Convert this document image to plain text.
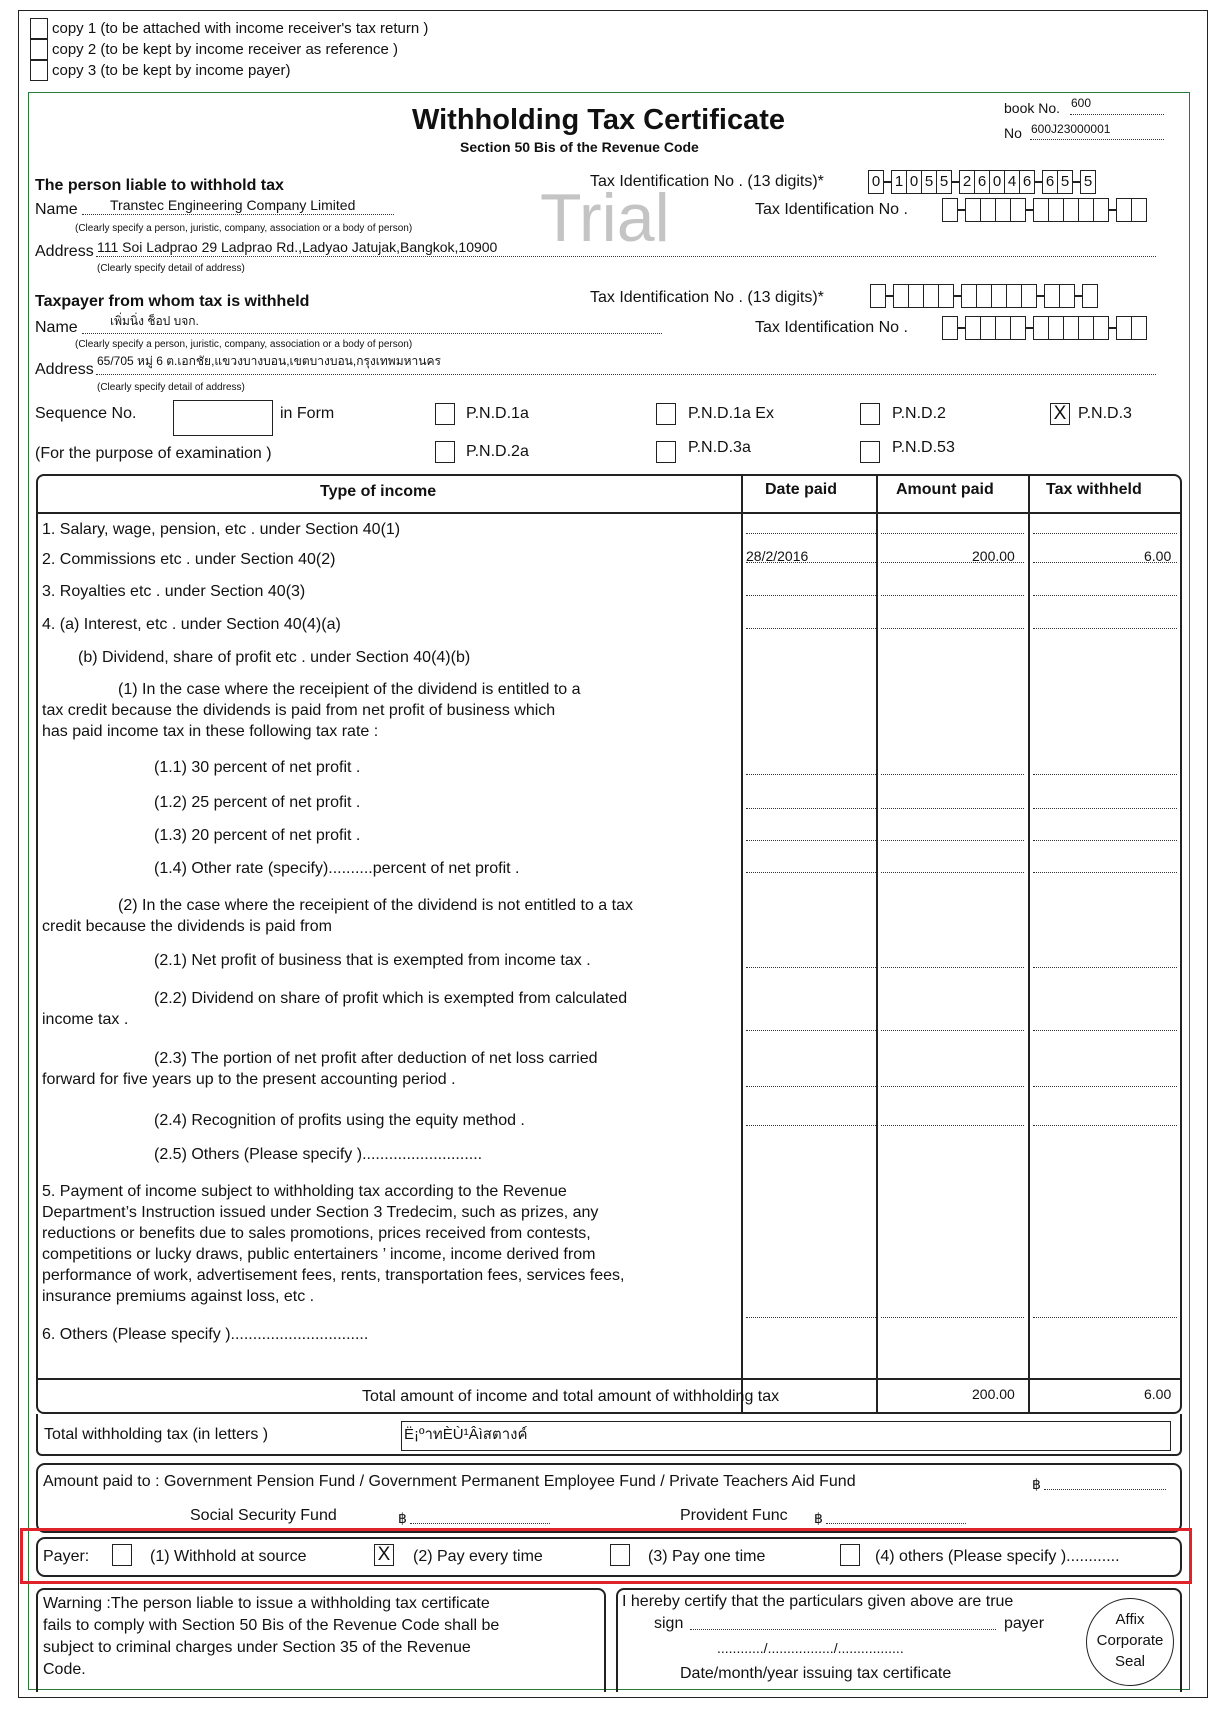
copy 1 (to be attached with income receiver's tax return )
copy 2 (to be kept by income receiver as reference )
copy 3 (to be kept by income payer)
Withholding Tax Certificate
Section 50 Bis of the Revenue Code
book No. 600
No 600J23000001
Trial
The person liable to withhold tax	Tax Identification No . (13 digits)*	0 1 0 5 5 2 6 0 4 6 6 5 5
Tax Identification No .
Name Transtec Engineering Company Limited
(Clearly specify a person, juristic, company, association or a body of person)
Address 111 Soi Ladprao 29 Ladprao Rd.,Ladyao Jatujak,Bangkok,10900
(Clearly specify detail of address)
Taxpayer from whom tax is withheld	Tax Identification No . (13 digits)*
Tax Identification No .
Name	เพิ่มนิ่ง ช็อป บจก.
(Clearly specify a person, juristic, company, association or a body of person)
Address 65/705 หมู่ 6 ต.เอกชัย,แขวงบางบอน,เขตบางบอน,กรุงเทพมหานคร
(Clearly specify detail of address)
Sequence No.	in Form	P.N.D.1a	P.N.D.1a Ex	P.N.D.2	X P.N.D.3
(For the purpose of examination )	P.N.D.2a	P.N.D.3a	P.N.D.53
Type of income	Date paid	Amount paid	Tax withheld
1. Salary, wage, pension, etc . under Section 40(1)
2. Commissions etc . under Section 40(2)	28/2/2016	200.00	6.00
3. Royalties etc . under Section 40(3)
4. (a) Interest, etc . under Section 40(4)(a)
(b) Dividend, share of profit etc . under Section 40(4)(b)
(1) In the case where the receipient of the dividend is entitled to a
tax credit because the dividends is paid from net profit of business which
has paid income tax in these following tax rate :
(1.1) 30 percent of net profit .
(1.2) 25 percent of net profit .
(1.3) 20 percent of net profit .
(1.4) Other rate (specify)..........percent of net profit .
(2) In the case where the receipient of the dividend is not entitled to a tax
credit because the dividends is paid from
(2.1) Net profit of business that is exempted from income tax .
(2.2) Dividend on share of profit which is exempted from calculated
income tax .
(2.3) The portion of net profit after deduction of net loss carried
forward for five years up to the present accounting period .
(2.4) Recognition of profits using the equity method .
(2.5) Others (Please specify )...........................
5. Payment of income subject to withholding tax according to the Revenue
Department’s Instruction issued under Section 3 Tredecim, such as prizes, any
reductions or benefits due to sales promotions, prices received from contests,
competitions or lucky draws, public entertainers ’ income, income derived from
performance of work, advertisement fees, rents, transportation fees, services fees,
insurance premiums against loss, etc .
6. Others (Please specify )...............................
Total amount of income and total amount of withholding tax	200.00	6.00
Total withholding tax (in letters )	Ë¡ºาทÈÙ¹Âìสตางค์
Amount paid to : Government Pension Fund / Government Permanent Employee Fund / Private Teachers Aid Fund	฿
Social Security Fund	฿	Provident Func ฿
Payer:	(1) Withhold at source	X (2) Pay every time	(3) Pay one time	(4) others (Please specify )............
Warning :The person liable to issue a withholding tax certificate
fails to comply with Section 50 Bis of the Revenue Code shall be
subject to criminal charges under Section 35 of the Revenue
Code.
I hereby certify that the particulars given above are true
sign	payer
............/................./.................
Date/month/year issuing tax certificate
Affix
Corporate
Seal
